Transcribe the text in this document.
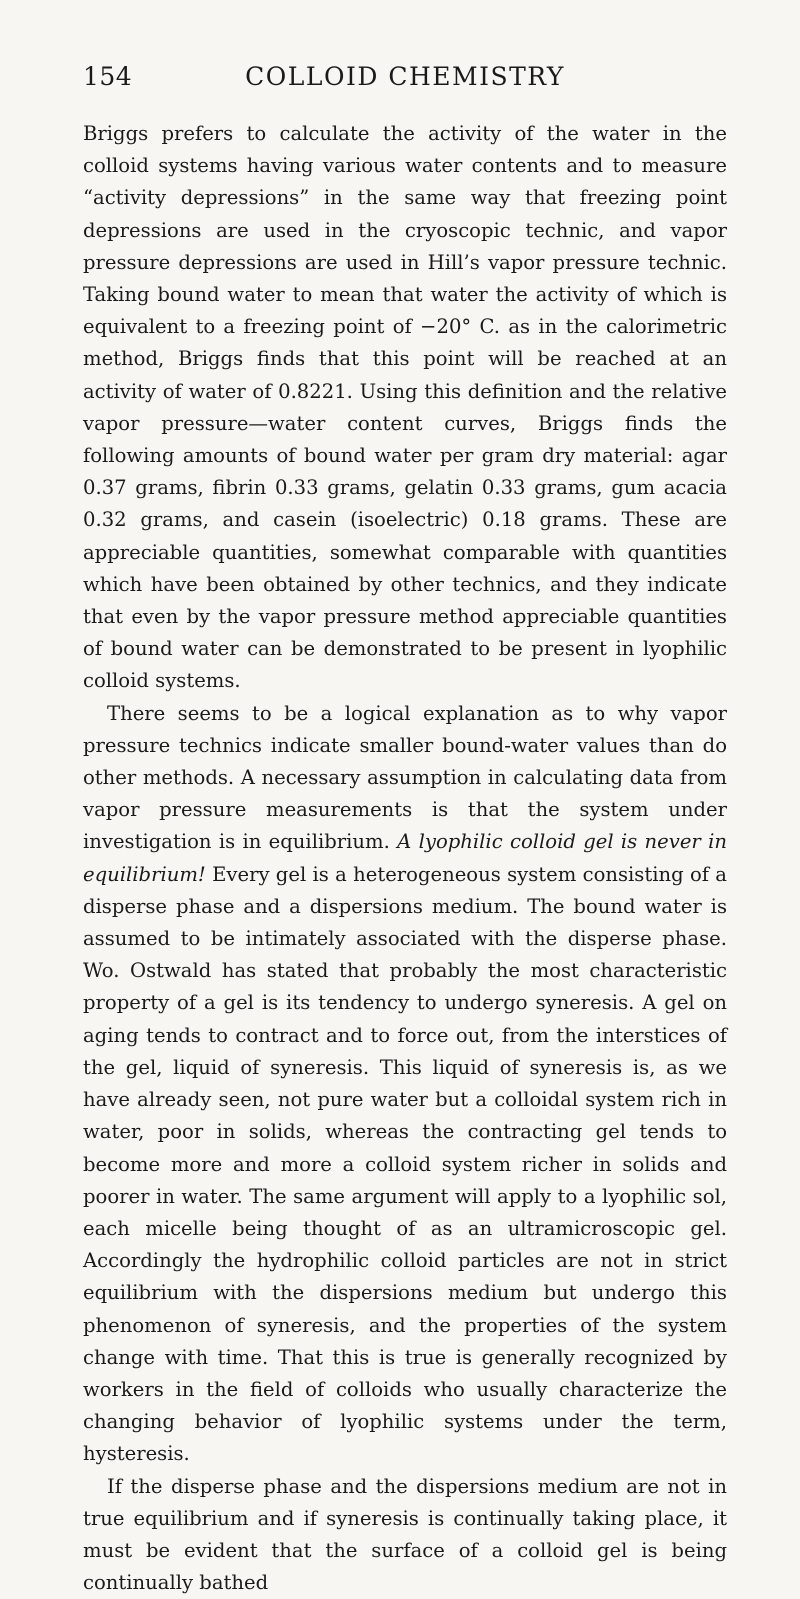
154	COLLOID CHEMISTRY

Briggs prefers to calculate the activity of the water in the colloid systems having various water contents and to measure “activity depressions” in the same way that freezing point depressions are used in the cryoscopic technic, and vapor pressure depressions are used in Hill’s vapor pressure technic. Taking bound water to mean that water the activity of which is equivalent to a freezing point of −20° C. as in the calorimetric method, Briggs finds that this point will be reached at an activity of water of 0.8221. Using this definition and the relative vapor pressure—water content curves, Briggs finds the following amounts of bound water per gram dry material: agar 0.37 grams, fibrin 0.33 grams, gelatin 0.33 grams, gum acacia 0.32 grams, and casein (isoelectric) 0.18 grams. These are appreciable quantities, somewhat comparable with quantities which have been obtained by other technics, and they indicate that even by the vapor pressure method appreciable quantities of bound water can be demonstrated to be present in lyophilic colloid systems.

There seems to be a logical explanation as to why vapor pressure technics indicate smaller bound-water values than do other methods. A necessary assumption in calculating data from vapor pressure measurements is that the system under investigation is in equilibrium. A lyophilic colloid gel is never in equilibrium! Every gel is a heterogeneous system consisting of a disperse phase and a dispersions medium. The bound water is assumed to be intimately associated with the disperse phase. Wo. Ostwald has stated that probably the most characteristic property of a gel is its tendency to undergo syneresis. A gel on aging tends to contract and to force out, from the interstices of the gel, liquid of syneresis. This liquid of syneresis is, as we have already seen, not pure water but a colloidal system rich in water, poor in solids, whereas the contracting gel tends to become more and more a colloid system richer in solids and poorer in water. The same argument will apply to a lyophilic sol, each micelle being thought of as an ultramicroscopic gel. Accordingly the hydrophilic colloid particles are not in strict equilibrium with the dispersions medium but undergo this phenomenon of syneresis, and the properties of the system change with time. That this is true is generally recognized by workers in the field of colloids who usually characterize the changing behavior of lyophilic systems under the term, hysteresis.

If the disperse phase and the dispersions medium are not in true equilibrium and if syneresis is continually taking place, it must be evident that the surface of a colloid gel is being continually bathed
